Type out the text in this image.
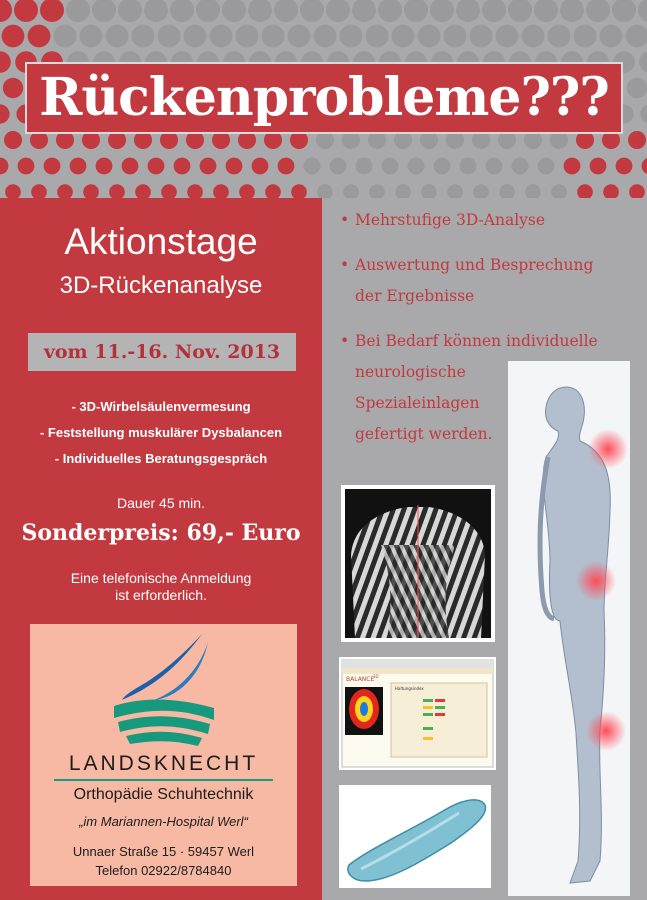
Rückenprobleme???
Aktionstage
3D-Rückenanalyse
vom 11.-16. Nov. 2013
- 3D-Wirbelsäulenvermesung
- Feststellung muskulärer Dysbalancen
- Individuelles Beratungsgespräch
Dauer 45 min.
Sonderpreis: 69,- Euro
Eine telefonische Anmeldung
ist erforderlich.
LANDSKNECHT
Orthopädie Schuhtechnik
„im Mariannen-Hospital Werl“
Unnaer Straße 15 · 59457 Werl
Telefon 02922/8784840
• Mehrstufige 3D-Analyse
• Auswertung und Besprechung
der Ergebnisse
• Bei Bedarf können individuelle
neurologische
Spezialeinlagen
gefertigt werden.
BALANCE
3D
Haltungsindex
